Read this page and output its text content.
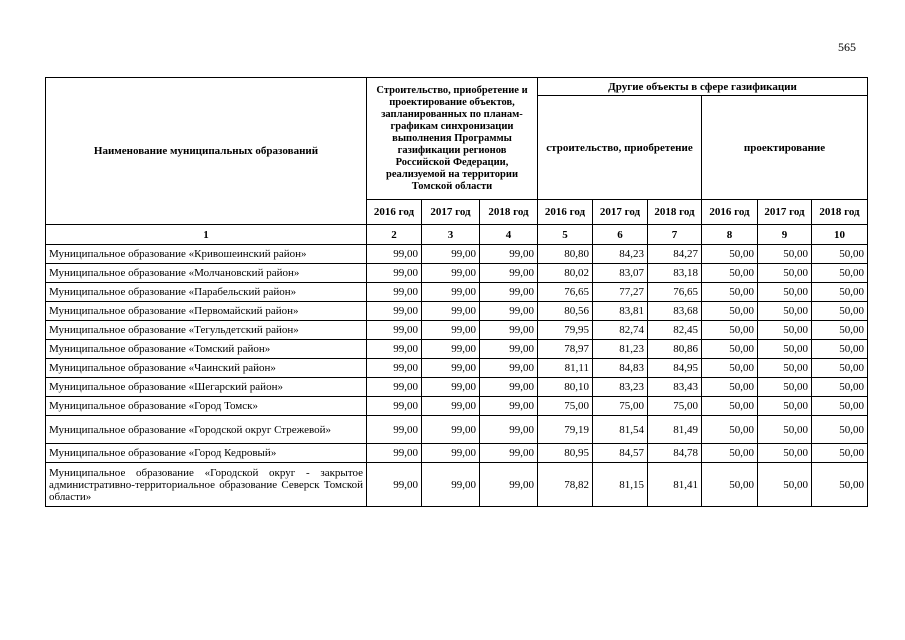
565
Наименование муниципальных образований	Строительство, приобретение и проектирование объектов, запланированных по планам-графикам синхронизации выполнения Программы газификации регионов Российской Федерации, реализуемой на территории Томской области			Другие объекты в сфере газификации					
				строительство, приобретение			проектирование		
	2016 год	2017 год	2018 год	2016 год	2017 год	2018 год	2016 год	2017 год	2018 год
1	2	3	4	5	6	7	8	9	10
Муниципальное образование «Кривошеинский район»	99,00	99,00	99,00	80,80	84,23	84,27	50,00	50,00	50,00
Муниципальное образование «Молчановский район»	99,00	99,00	99,00	80,02	83,07	83,18	50,00	50,00	50,00
Муниципальное образование «Парабельский район»	99,00	99,00	99,00	76,65	77,27	76,65	50,00	50,00	50,00
Муниципальное образование «Первомайский район»	99,00	99,00	99,00	80,56	83,81	83,68	50,00	50,00	50,00
Муниципальное образование «Тегульдетский район»	99,00	99,00	99,00	79,95	82,74	82,45	50,00	50,00	50,00
Муниципальное образование «Томский район»	99,00	99,00	99,00	78,97	81,23	80,86	50,00	50,00	50,00
Муниципальное образование «Чаинский район»	99,00	99,00	99,00	81,11	84,83	84,95	50,00	50,00	50,00
Муниципальное образование «Шегарский район»	99,00	99,00	99,00	80,10	83,23	83,43	50,00	50,00	50,00
Муниципальное образование «Город Томск»	99,00	99,00	99,00	75,00	75,00	75,00	50,00	50,00	50,00
Муниципальное образование «Городской округ Стрежевой»	99,00	99,00	99,00	79,19	81,54	81,49	50,00	50,00	50,00
Муниципальное образование «Город Кедровый»	99,00	99,00	99,00	80,95	84,57	84,78	50,00	50,00	50,00
Муниципальное образование «Городской округ - закрытое административно-территориальное образование Северск Томской области»	99,00	99,00	99,00	78,82	81,15	81,41	50,00	50,00	50,00
